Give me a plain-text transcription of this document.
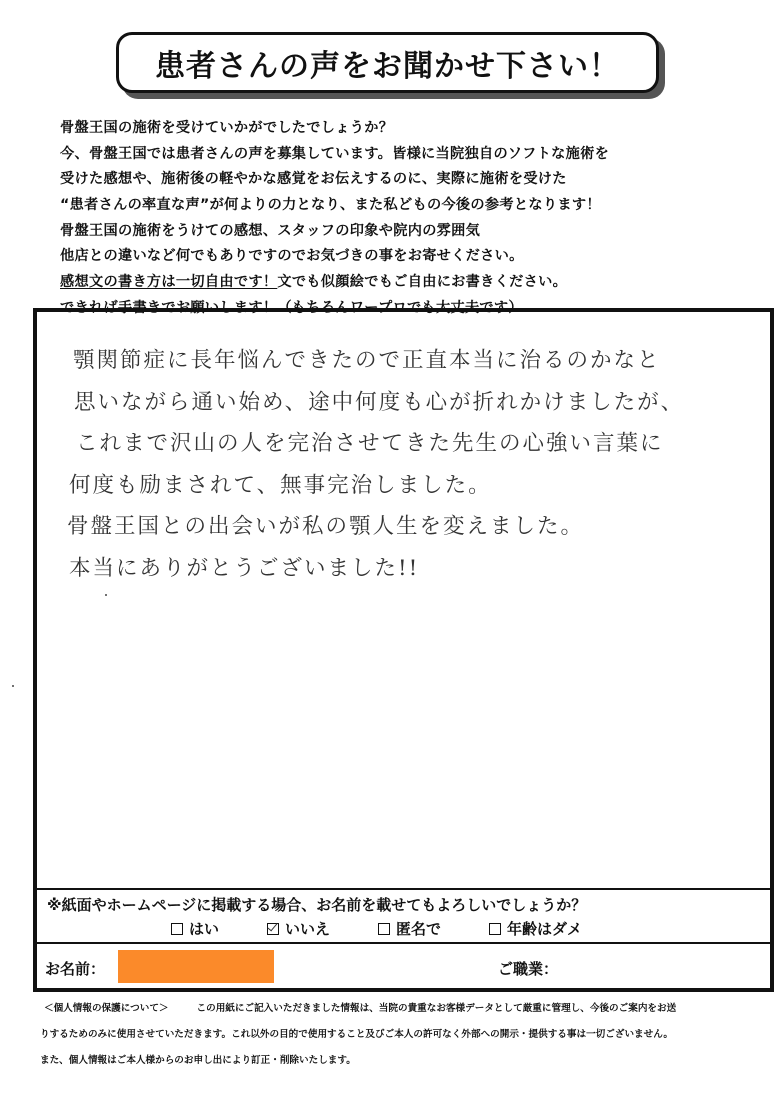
患者さんの声をお聞かせ下さい！
骨盤王国の施術を受けていかがでしたでしょうか？
今、骨盤王国では患者さんの声を募集しています。皆様に当院独自のソフトな施術を
受けた感想や、施術後の軽やかな感覚をお伝えするのに、実際に施術を受けた
“患者さんの率直な声”が何よりの力となり、また私どもの今後の参考となります！
骨盤王国の施術をうけての感想、スタッフの印象や院内の雰囲気
他店との違いなど何でもありですのでお気づきの事をお寄せください。
感想文の書き方は一切自由です！文でも似顔絵でもご自由にお書きください。
できれば手書きでお願いします！（もちろんワープロでも大丈夫です）
顎関節症に長年悩んできたので正直本当に治るのかなと
思いながら通い始め、途中何度も心が折れかけましたが、
これまで沢山の人を完治させてきた先生の心強い言葉に
何度も励まされて、無事完治しました。
骨盤王国との出会いが私の顎人生を変えました。
本当にありがとうございました!!
※紙面やホームページに掲載する場合、お名前を載せてもよろしいでしょうか？
はい	いいえ	匿名で	年齢はダメ
お名前：	ご職業：
＜個人情報の保護について＞	この用紙にご記入いただきました情報は、当院の貴重なお客様データとして厳重に管理し、今後のご案内をお送
りするためのみに使用させていただきます。これ以外の目的で使用すること及びご本人の許可なく外部への開示・提供する事は一切ございません。
また、個人情報はご本人様からのお申し出により訂正・削除いたします。
